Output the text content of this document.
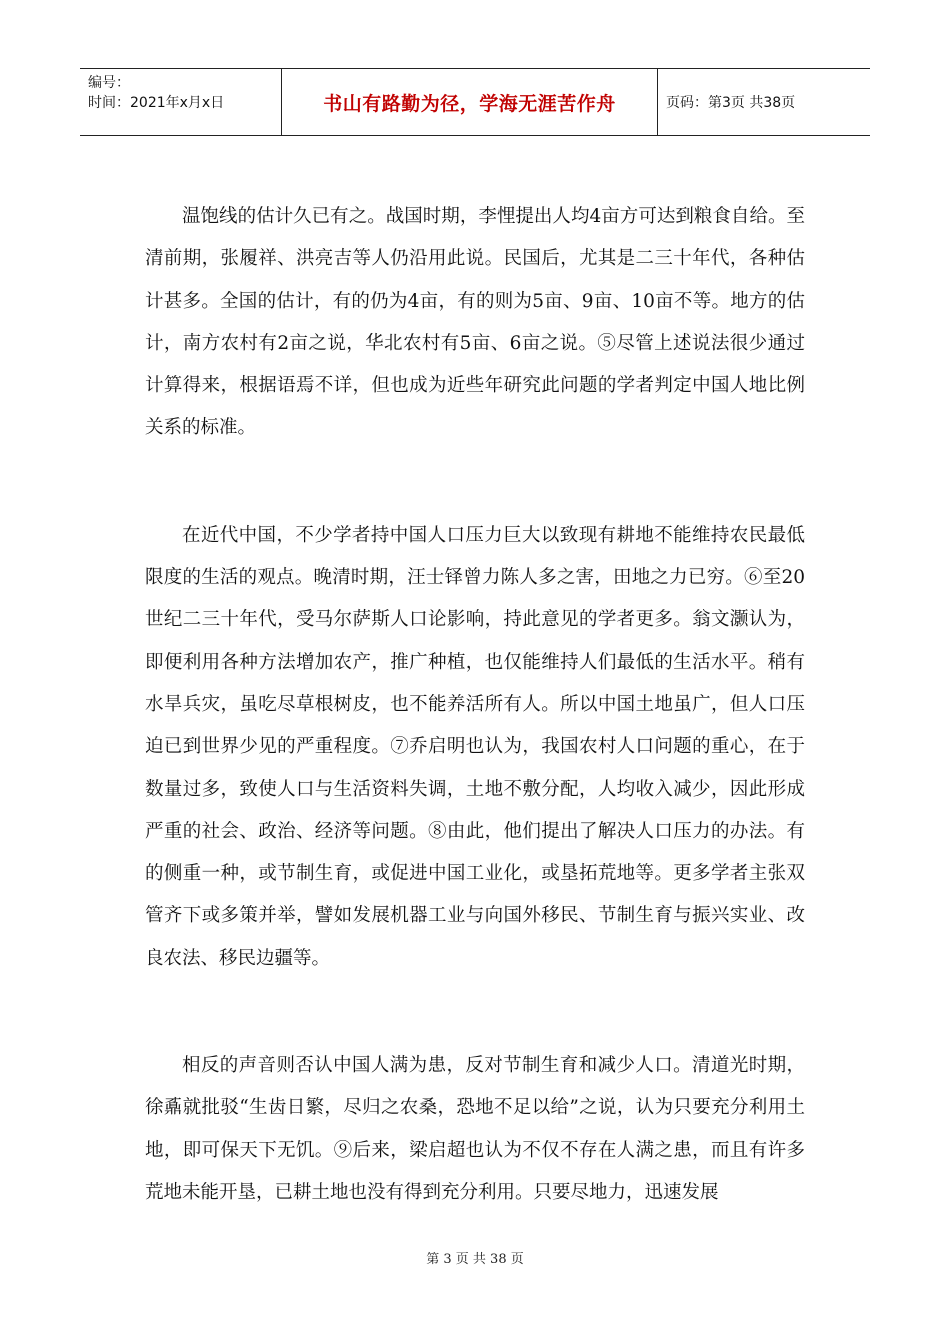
编号：
时间：2021年x月x日	书山有路勤为径，学海无涯苦作舟	页码：第3页 共38页

温饱线的估计久已有之。战国时期，李悝提出人均4亩方可达到粮食自给。至清前期，张履祥、洪亮吉等人仍沿用此说。民国后，尤其是二三十年代，各种估计甚多。全国的估计，有的仍为4亩，有的则为5亩、9亩、10亩不等。地方的估计，南方农村有2亩之说，华北农村有5亩、6亩之说。⑤尽管上述说法很少通过计算得来，根据语焉不详，但也成为近些年研究此问题的学者判定中国人地比例关系的标准。

在近代中国，不少学者持中国人口压力巨大以致现有耕地不能维持农民最低限度的生活的观点。晚清时期，汪士铎曾力陈人多之害，田地之力已穷。⑥至20世纪二三十年代，受马尔萨斯人口论影响，持此意见的学者更多。翁文灏认为，即便利用各种方法增加农产，推广种植，也仅能维持人们最低的生活水平。稍有水旱兵灾，虽吃尽草根树皮，也不能养活所有人。所以中国土地虽广，但人口压迫已到世界少见的严重程度。⑦乔启明也认为，我国农村人口问题的重心，在于数量过多，致使人口与生活资料失调，土地不敷分配，人均收入减少，因此形成严重的社会、政治、经济等问题。⑧由此，他们提出了解决人口压力的办法。有的侧重一种，或节制生育，或促进中国工业化，或垦拓荒地等。更多学者主张双管齐下或多策并举，譬如发展机器工业与向国外移民、节制生育与振兴实业、改良农法、移民边疆等。

相反的声音则否认中国人满为患，反对节制生育和减少人口。清道光时期，徐鼒就批驳“生齿日繁，尽归之农桑，恐地不足以给”之说，认为只要充分利用土地，即可保天下无饥。⑨后来，梁启超也认为不仅不存在人满之患，而且有许多荒地未能开垦，已耕土地也没有得到充分利用。只要尽地力，迅速发展

第 3 页 共 38 页
